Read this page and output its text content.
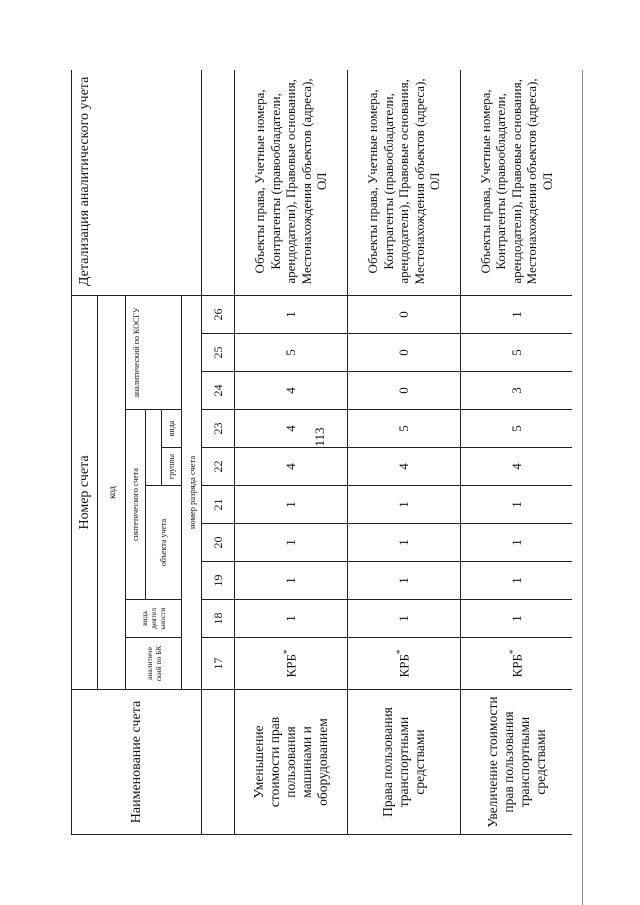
113
Наименование счета	Номер счета										Детализация аналитического учета
	код										
	аналитиче ский по БК	вида деятел ьности	синтетического счета					аналитический по КОСГУ			
			объекта учета								
						группы	вида				
	номер разряда счета										
	17	18	19	20	21	22	23	24	25	26	
Уменьшение стоимости прав пользования машинами и оборудованием	КРБ*	1	1	1	1	4	4	4	5	1	Объекты права, Учетные номера, Контрагенты (правообладатели, арендодатели), Правовые основания, Местонахождения объектов (адреса), ОЛ
Права пользования транспортными средствами	КРБ*	1	1	1	1	4	5	0	0	0	Объекты права, Учетные номера, Контрагенты (правообладатели, арендодатели), Правовые основания, Местонахождения объектов (адреса), ОЛ
Увеличение стоимости прав пользования транспортными средствами	КРБ*	1	1	1	1	4	5	3	5	1	Объекты права, Учетные номера, Контрагенты (правообладатели, арендодатели), Правовые основания, Местонахождения объектов (адреса), ОЛ
